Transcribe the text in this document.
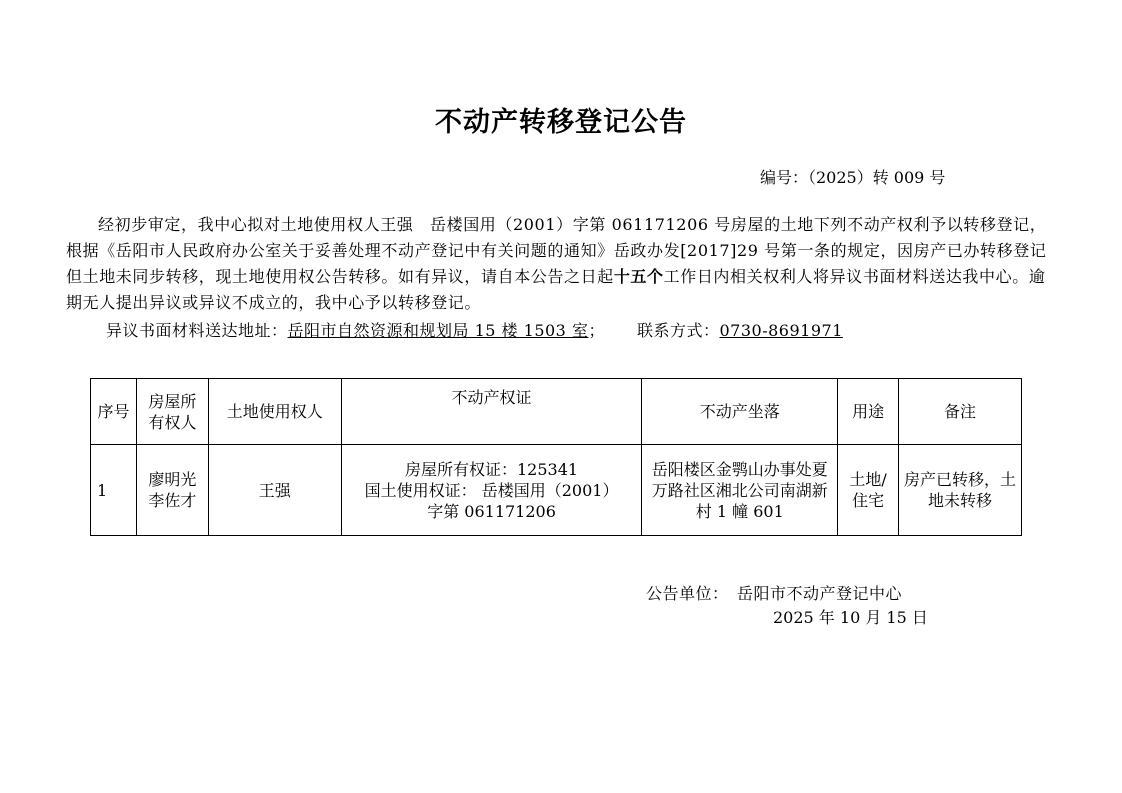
不动产转移登记公告
编号：（2025）转 009 号

经初步审定，我中心拟对土地使用权人王强　岳楼国用（2001）字第 061171206 号房屋的土地下列不动产权利予以转移登记，根据《岳阳市人民政府办公室关于妥善处理不动产登记中有关问题的通知》岳政办发[2017]29 号第一条的规定，因房产已办转移登记但土地未同步转移，现土地使用权公告转移。如有异议，请自本公告之日起十五个工作日内相关权利人将异议书面材料送达我中心。逾期无人提出异议或异议不成立的，我中心予以转移登记。

异议书面材料送达地址：岳阳市自然资源和规划局 15 楼 1503 室； 联系方式：0730-8691971
序号	房屋所有权人	土地使用权人	不动产权证	不动产坐落	用途	备注
1	廖明光李佐才	王强	房屋所有权证：125341
国土使用权证： 岳楼国用（2001）
字第 061171206	岳阳楼区金鹗山办事处夏万路社区湘北公司南湖新村 1 幢 601	土地/住宅	房产已转移，土地未转移
公告单位：　岳阳市不动产登记中心
2025 年 10 月 15 日
